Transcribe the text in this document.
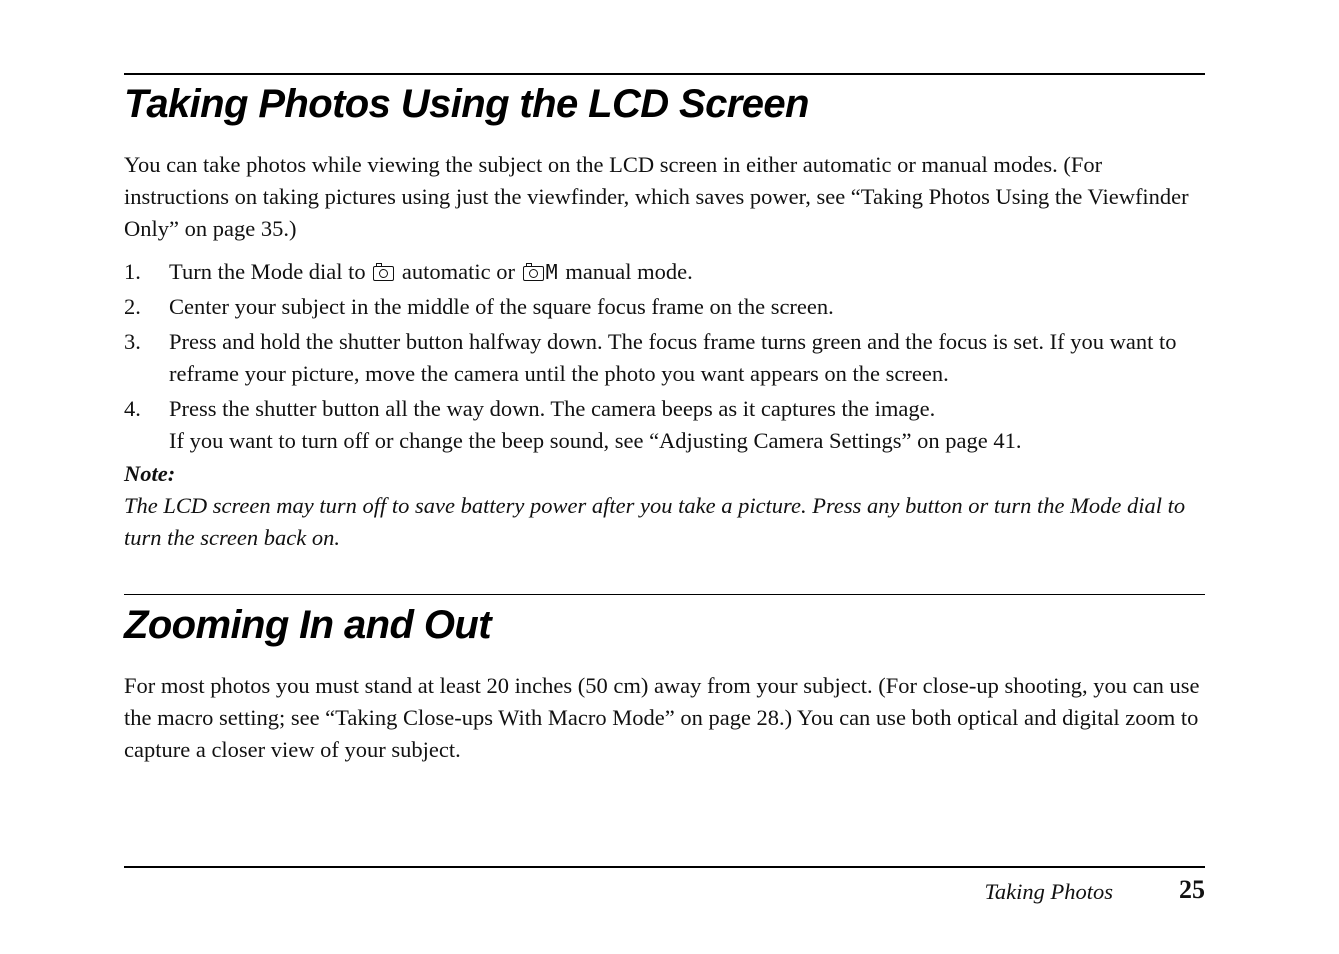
Taking Photos Using the LCD Screen

You can take photos while viewing the subject on the LCD screen in either automatic or manual modes. (For instructions on taking pictures using just the viewfinder, which saves power, see “Taking Photos Using the Viewfinder Only” on page 35.)

1. Turn the Mode dial to automatic or M manual mode.
2. Center your subject in the middle of the square focus frame on the screen.
3. Press and hold the shutter button halfway down. The focus frame turns green and the focus is set. If you want to reframe your picture, move the camera until the photo you want appears on the screen.
4. Press the shutter button all the way down. The camera beeps as it captures the image.
If you want to turn off or change the beep sound, see “Adjusting Camera Settings” on page 41.
Note:

The LCD screen may turn off to save battery power after you take a picture. Press any button or turn the Mode dial to turn the screen back on.

Zooming In and Out

For most photos you must stand at least 20 inches (50 cm) away from your subject. (For close-up shooting, you can use the macro setting; see “Taking Close-ups With Macro Mode” on page 28.) You can use both optical and digital zoom to capture a closer view of your subject.

Taking Photos	25
